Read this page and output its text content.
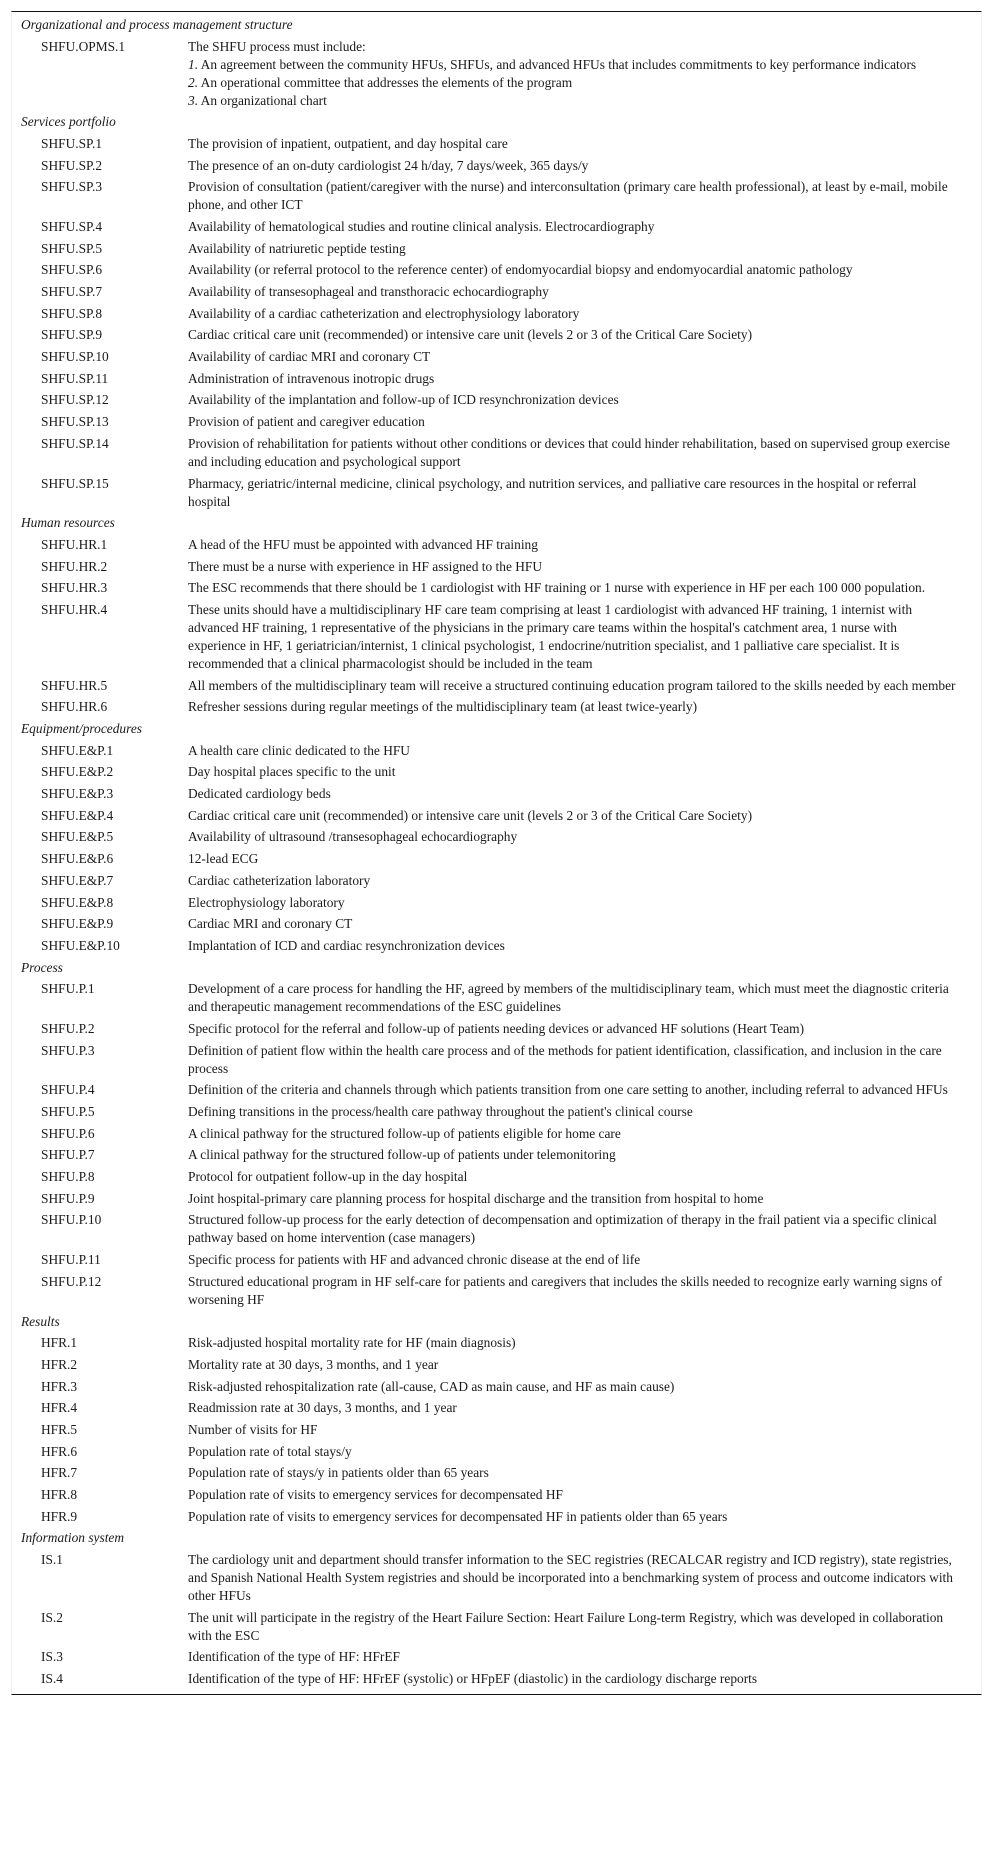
Organizational and process management structure	
SHFU.OPMS.1	The SHFU process must include:
1. An agreement between the community HFUs, SHFUs, and advanced HFUs that includes commitments to key performance indicators
2. An operational committee that addresses the elements of the program
3. An organizational chart

Services portfolio	
SHFU.SP.1	The provision of inpatient, outpatient, and day hospital care
SHFU.SP.2	The presence of an on-duty cardiologist 24 h/day, 7 days/week, 365 days/y
SHFU.SP.3	Provision of consultation (patient/caregiver with the nurse) and interconsultation (primary care health professional), at least by e-mail, mobile phone, and other ICT
SHFU.SP.4	Availability of hematological studies and routine clinical analysis. Electrocardiography
SHFU.SP.5	Availability of natriuretic peptide testing
SHFU.SP.6	Availability (or referral protocol to the reference center) of endomyocardial biopsy and endomyocardial anatomic pathology
SHFU.SP.7	Availability of transesophageal and transthoracic echocardiography
SHFU.SP.8	Availability of a cardiac catheterization and electrophysiology laboratory
SHFU.SP.9	Cardiac critical care unit (recommended) or intensive care unit (levels 2 or 3 of the Critical Care Society)
SHFU.SP.10	Availability of cardiac MRI and coronary CT
SHFU.SP.11	Administration of intravenous inotropic drugs
SHFU.SP.12	Availability of the implantation and follow-up of ICD resynchronization devices
SHFU.SP.13	Provision of patient and caregiver education
SHFU.SP.14	Provision of rehabilitation for patients without other conditions or devices that could hinder rehabilitation, based on supervised group exercise and including education and psychological support
SHFU.SP.15	Pharmacy, geriatric/internal medicine, clinical psychology, and nutrition services, and palliative care resources in the hospital or referral hospital
Human resources	
SHFU.HR.1	A head of the HFU must be appointed with advanced HF training
SHFU.HR.2	There must be a nurse with experience in HF assigned to the HFU
SHFU.HR.3	The ESC recommends that there should be 1 cardiologist with HF training or 1 nurse with experience in HF per each 100 000 population.
SHFU.HR.4	These units should have a multidisciplinary HF care team comprising at least 1 cardiologist with advanced HF training, 1 internist with advanced HF training, 1 representative of the physicians in the primary care teams within the hospital's catchment area, 1 nurse with experience in HF, 1 geriatrician/internist, 1 clinical psychologist, 1 endocrine/nutrition specialist, and 1 palliative care specialist. It is recommended that a clinical pharmacologist should be included in the team
SHFU.HR.5	All members of the multidisciplinary team will receive a structured continuing education program tailored to the skills needed by each member
SHFU.HR.6	Refresher sessions during regular meetings of the multidisciplinary team (at least twice-yearly)
Equipment/procedures	
SHFU.E&P.1	A health care clinic dedicated to the HFU
SHFU.E&P.2	Day hospital places specific to the unit
SHFU.E&P.3	Dedicated cardiology beds
SHFU.E&P.4	Cardiac critical care unit (recommended) or intensive care unit (levels 2 or 3 of the Critical Care Society)
SHFU.E&P.5	Availability of ultrasound /transesophageal echocardiography
SHFU.E&P.6	12-lead ECG
SHFU.E&P.7	Cardiac catheterization laboratory
SHFU.E&P.8	Electrophysiology laboratory
SHFU.E&P.9	Cardiac MRI and coronary CT
SHFU.E&P.10	Implantation of ICD and cardiac resynchronization devices
Process	
SHFU.P.1	Development of a care process for handling the HF, agreed by members of the multidisciplinary team, which must meet the diagnostic criteria and therapeutic management recommendations of the ESC guidelines
SHFU.P.2	Specific protocol for the referral and follow-up of patients needing devices or advanced HF solutions (Heart Team)
SHFU.P.3	Definition of patient flow within the health care process and of the methods for patient identification, classification, and inclusion in the care process
SHFU.P.4	Definition of the criteria and channels through which patients transition from one care setting to another, including referral to advanced HFUs
SHFU.P.5	Defining transitions in the process/health care pathway throughout the patient's clinical course
SHFU.P.6	A clinical pathway for the structured follow-up of patients eligible for home care
SHFU.P.7	A clinical pathway for the structured follow-up of patients under telemonitoring
SHFU.P.8	Protocol for outpatient follow-up in the day hospital
SHFU.P.9	Joint hospital-primary care planning process for hospital discharge and the transition from hospital to home
SHFU.P.10	Structured follow-up process for the early detection of decompensation and optimization of therapy in the frail patient via a specific clinical pathway based on home intervention (case managers)
SHFU.P.11	Specific process for patients with HF and advanced chronic disease at the end of life
SHFU.P.12	Structured educational program in HF self-care for patients and caregivers that includes the skills needed to recognize early warning signs of worsening HF
Results	
HFR.1	Risk-adjusted hospital mortality rate for HF (main diagnosis)
HFR.2	Mortality rate at 30 days, 3 months, and 1 year
HFR.3	Risk-adjusted rehospitalization rate (all-cause, CAD as main cause, and HF as main cause)
HFR.4	Readmission rate at 30 days, 3 months, and 1 year
HFR.5	Number of visits for HF
HFR.6	Population rate of total stays/y
HFR.7	Population rate of stays/y in patients older than 65 years
HFR.8	Population rate of visits to emergency services for decompensated HF
HFR.9	Population rate of visits to emergency services for decompensated HF in patients older than 65 years
Information system	
IS.1	The cardiology unit and department should transfer information to the SEC registries (RECALCAR registry and ICD registry), state registries, and Spanish National Health System registries and should be incorporated into a benchmarking system of process and outcome indicators with other HFUs
IS.2	The unit will participate in the registry of the Heart Failure Section: Heart Failure Long-term Registry, which was developed in collaboration with the ESC
IS.3	Identification of the type of HF: HFrEF
IS.4	Identification of the type of HF: HFrEF (systolic) or HFpEF (diastolic) in the cardiology discharge reports
